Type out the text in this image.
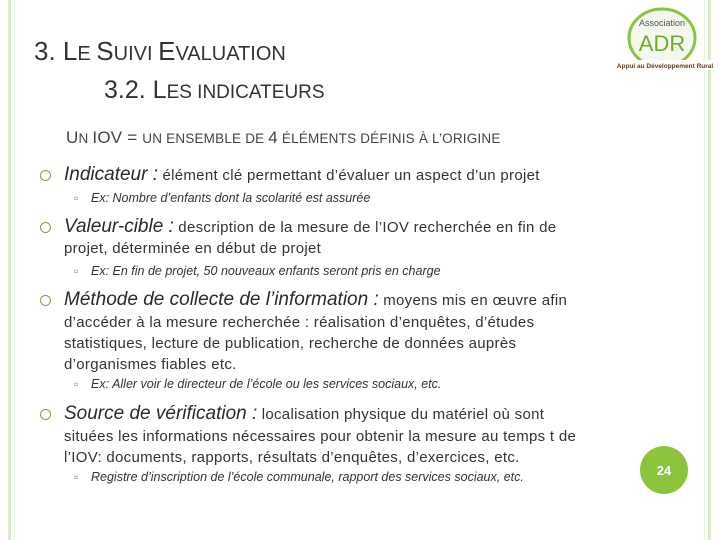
3. LE SUIVI EVALUATION
3.2. LES INDICATEURS
Association
ADR
Appui au Développement Rural
UN IOV = UN ENSEMBLE DE 4 ÉLÉMENTS DÉFINIS À L’ORIGINE
Indicateur : élément clé permettant d’évaluer un aspect d’un projet
▫ Ex: Nombre d’enfants dont la scolarité est assurée
Valeur-cible : description de la mesure de l’IOV recherchée en fin de
projet, déterminée en début de projet
▫ Ex: En fin de projet, 50 nouveaux enfants seront pris en charge
Méthode de collecte de l’information : moyens mis en œuvre afin
d’accéder à la mesure recherchée : réalisation d’enquêtes, d’études
statistiques, lecture de publication, recherche de données auprès
d’organismes fiables etc.
▫ Ex: Aller voir le directeur de l’école ou les services sociaux, etc.
Source de vérification : localisation physique du matériel où sont
situées les informations nécessaires pour obtenir la mesure au temps t de
l’IOV: documents, rapports, résultats d’enquêtes, d’exercices, etc.
▫ Registre d’inscription de l’école communale, rapport des services sociaux, etc.	24
